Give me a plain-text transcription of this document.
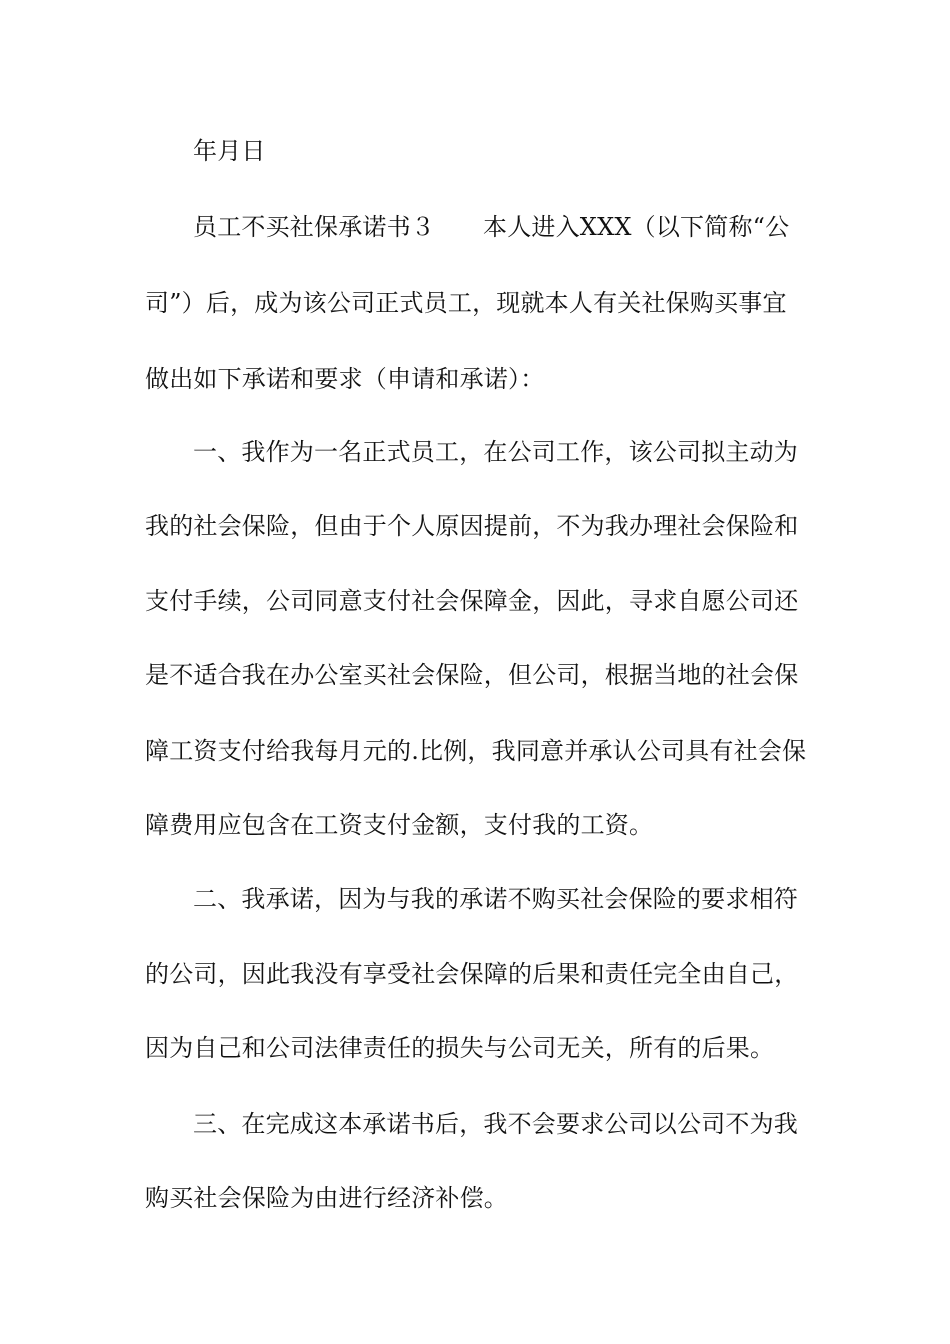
年月日
员工不买社保承诺书３ 本人进入XXX（以下简称“公
司”）后，成为该公司正式员工，现就本人有关社保购买事宜
做出如下承诺和要求（申请和承诺）：
一、我作为一名正式员工，在公司工作，该公司拟主动为
我的社会保险，但由于个人原因提前，不为我办理社会保险和
支付手续，公司同意支付社会保障金，因此，寻求自愿公司还
是不适合我在办公室买社会保险，但公司，根据当地的社会保
障工资支付给我每月元的.比例，我同意并承认公司具有社会保
障费用应包含在工资支付金额，支付我的工资。
二、我承诺，因为与我的承诺不购买社会保险的要求相符
的公司，因此我没有享受社会保障的后果和责任完全由自己，
因为自己和公司法律责任的损失与公司无关，所有的后果。
三、在完成这本承诺书后，我不会要求公司以公司不为我
购买社会保险为由进行经济补偿。
